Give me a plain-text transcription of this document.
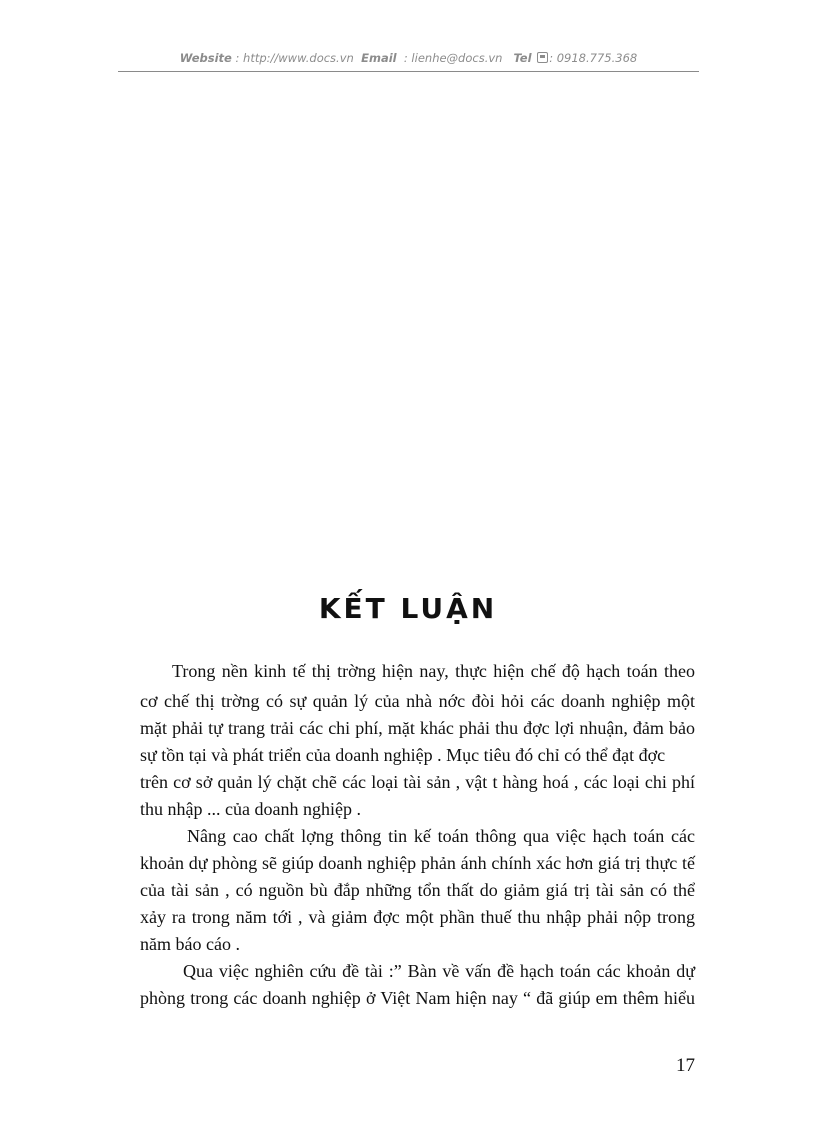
Website : http://www.docs.vn Email : lienhe@docs.vn Tel : 0918.775.368
KẾT LUẬN
Trong nền kinh tế thị trờng hiện nay, thực hiện chế độ hạch toán theo
cơ chế thị trờng có sự quản lý của nhà nớc đòi hỏi các doanh nghiệp một
mặt phải tự trang trải các chi phí, mặt khác phải thu đợc lợi nhuận, đảm bảo
sự tồn tại và phát triển của doanh nghiệp . Mục tiêu đó chỉ có thể đạt đợc
trên cơ sở quản lý chặt chẽ các loại tài sản , vật t hàng hoá , các loại chi phí
thu nhập ... của doanh nghiệp .
Nâng cao chất lợng thông tin kế toán thông qua việc hạch toán các
khoản dự phòng sẽ giúp doanh nghiệp phản ánh chính xác hơn giá trị thực tế
của tài sản , có nguồn bù đắp những tổn thất do giảm giá trị tài sản có thể
xảy ra trong năm tới , và giảm đợc một phần thuế thu nhập phải nộp trong
năm báo cáo .
Qua việc nghiên cứu đề tài :” Bàn về vấn đề hạch toán các khoản dự
phòng trong các doanh nghiệp ở Việt Nam hiện nay “ đã giúp em thêm hiểu
17
